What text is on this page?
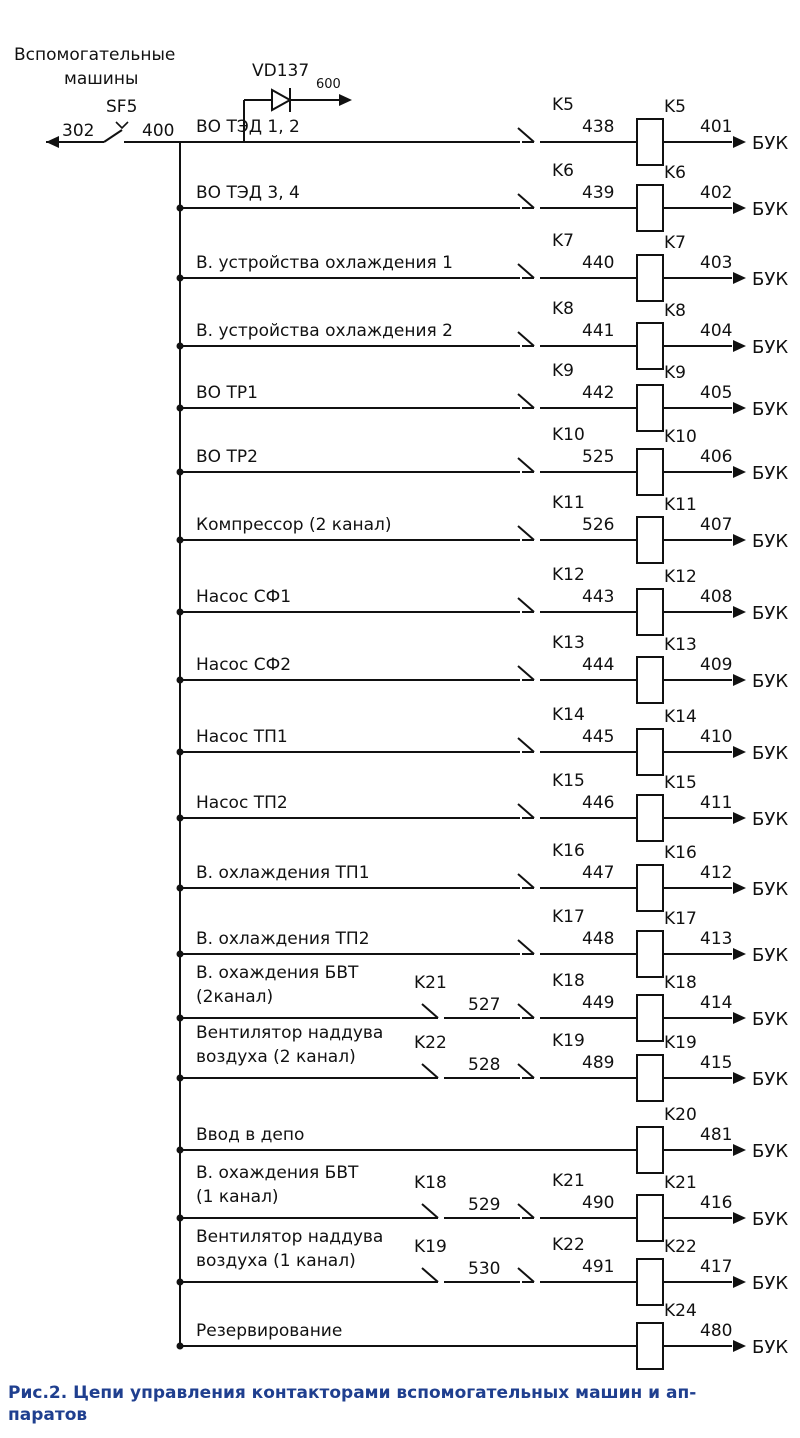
Вспомогательные
машины
SF5
302	400
VD137
600
ВО ТЭД 1, 2
K5
438
K5
401
БУК
ВО ТЭД 3, 4
K6
439
K6
402
БУК
В. устройства охлаждения 1
K7
440
K7
403
БУК
В. устройства охлаждения 2
K8
441
K8
404
БУК
ВО ТР1
K9
442
K9
405
БУК
ВО ТР2
K10
525
K10
406
БУК
Компрессор (2 канал)
K11
526
K11
407
БУК
Насос СФ1
K12
443
K12
408
БУК
Насос СФ2
K13
444
K13
409
БУК
Насос ТП1
K14
445
K14
410
БУК
Насос ТП2
K15
446
K15
411
БУК
В. охлаждения ТП1
K16
447
K16
412
БУК
В. охлаждения ТП2
K17
448
K17
413
БУК
В. охаждения БВТ
(2канал)
K21
527
K18
449
K18
414
БУК
Вентилятор наддува
воздуха (2 канал)
K22
528
K19
489
K19
415
БУК
Ввод в депо
K20
481
БУК
В. охаждения БВТ
(1 канал)
K18
529
K21
490
K21
416
БУК
Вентилятор наддува
воздуха (1 канал)
K19
530
K22
491
K22
417
БУК
Резервирование
K24
480
БУК
Рис.2. Цепи управления контакторами вспомогательных машин и ап-
паратов
